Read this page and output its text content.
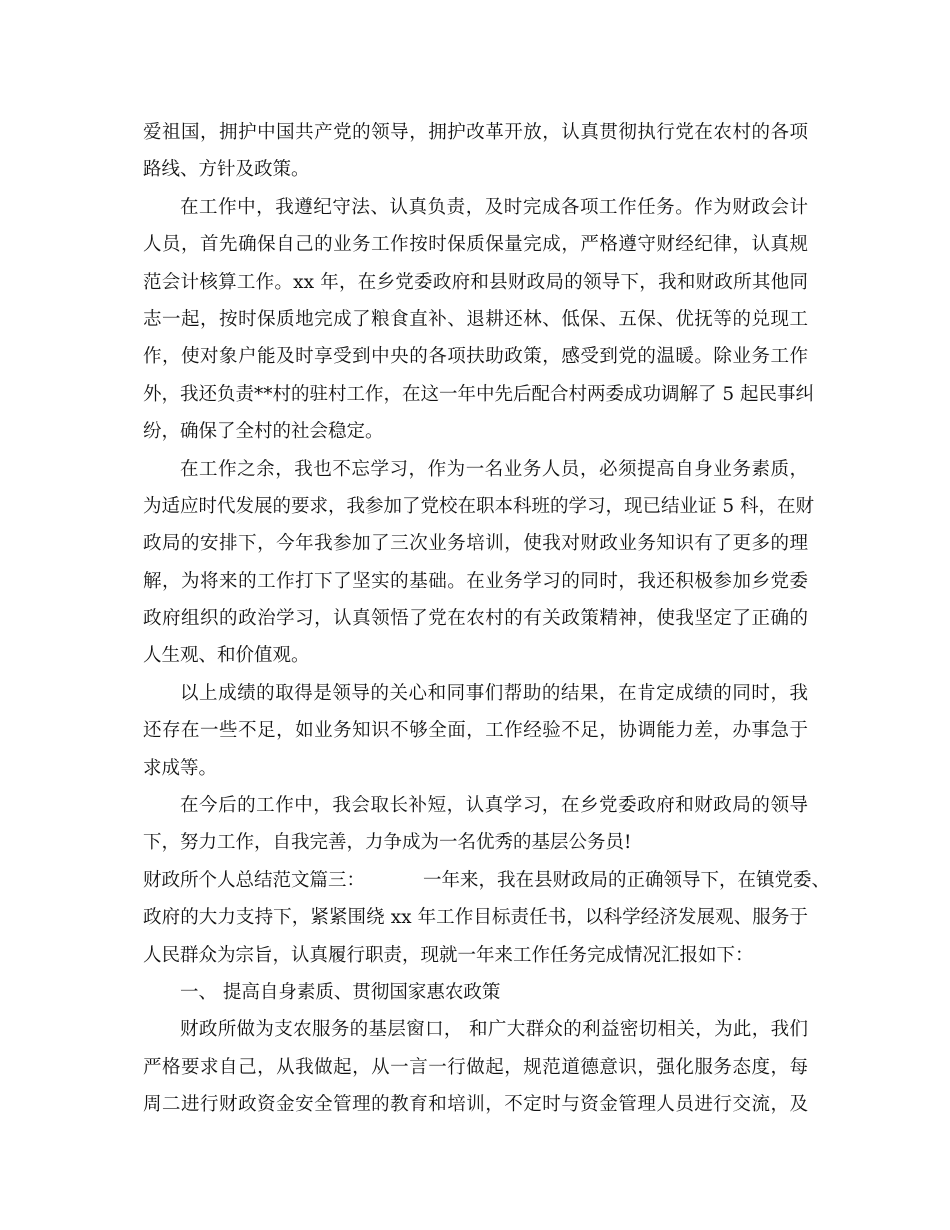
爱祖国，拥护中国共产党的领导，拥护改革开放，认真贯彻执行党在农村的各项
路线、方针及政策。
在工作中，我遵纪守法、认真负责，及时完成各项工作任务。作为财政会计
人员，首先确保自己的业务工作按时保质保量完成，严格遵守财经纪律，认真规
范会计核算工作。xx 年，在乡党委政府和县财政局的领导下，我和财政所其他同
志一起，按时保质地完成了粮食直补、退耕还林、低保、五保、优抚等的兑现工
作，使对象户能及时享受到中央的各项扶助政策，感受到党的温暖。除业务工作
外，我还负责**村的驻村工作，在这一年中先后配合村两委成功调解了 5 起民事纠
纷，确保了全村的社会稳定。
在工作之余，我也不忘学习，作为一名业务人员，必须提高自身业务素质，
为适应时代发展的要求，我参加了党校在职本科班的学习，现已结业证 5 科，在财
政局的安排下，今年我参加了三次业务培训，使我对财政业务知识有了更多的理
解，为将来的工作打下了坚实的基础。在业务学习的同时，我还积极参加乡党委
政府组织的政治学习，认真领悟了党在农村的有关政策精神，使我坚定了正确的
人生观、和价值观。
以上成绩的取得是领导的关心和同事们帮助的结果，在肯定成绩的同时，我
还存在一些不足，如业务知识不够全面，工作经验不足，协调能力差，办事急于
求成等。
在今后的工作中，我会取长补短，认真学习，在乡党委政府和财政局的领导
下，努力工作，自我完善，力争成为一名优秀的基层公务员!
财政所个人总结范文篇三：	一年来，我在县财政局的正确领导下，在镇党委、
政府的大力支持下，紧紧围绕 xx 年工作目标责任书，以科学经济发展观、服务于
人民群众为宗旨，认真履行职责，现就一年来工作任务完成情况汇报如下：
一、 提高自身素质、贯彻国家惠农政策
财政所做为支农服务的基层窗口， 和广大群众的利益密切相关，为此，我们
严格要求自己，从我做起，从一言一行做起，规范道德意识，强化服务态度，每
周二进行财政资金安全管理的教育和培训，不定时与资金管理人员进行交流，及
